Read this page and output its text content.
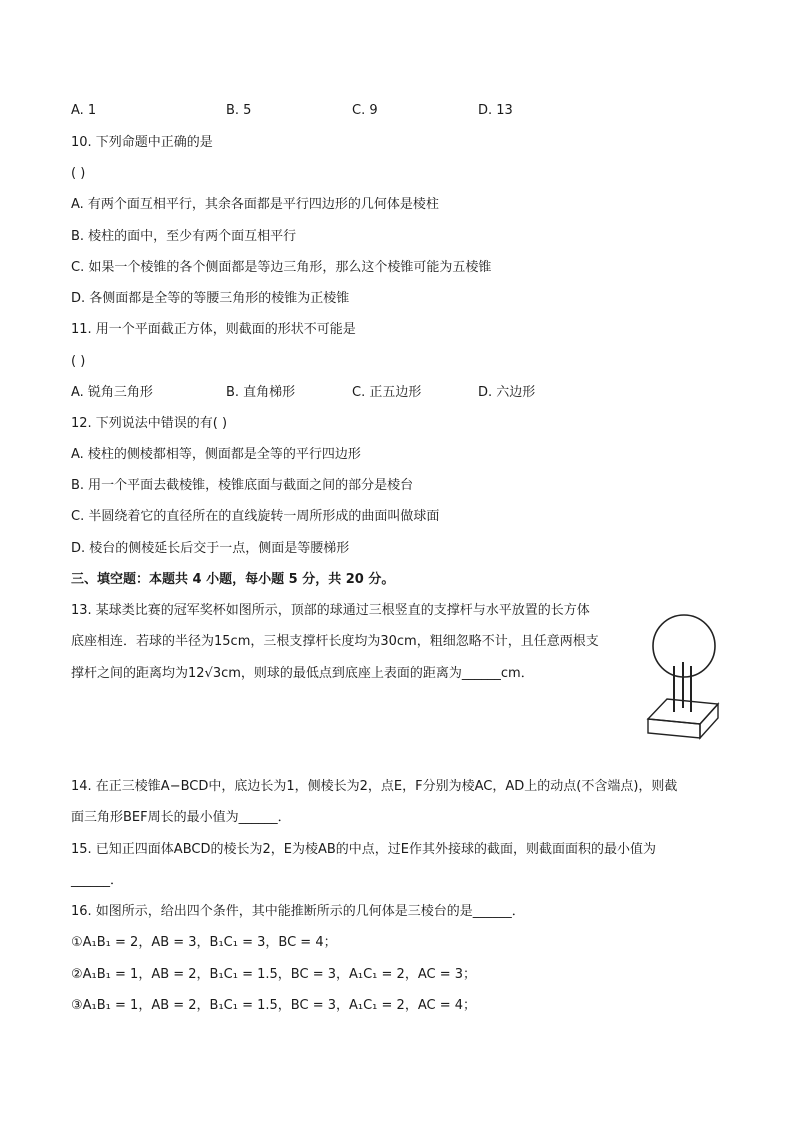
A. 1	B. 5	C. 9	D. 13
10. 下列命题中正确的是
( )
A. 有两个面互相平行，其余各面都是平行四边形的几何体是棱柱
B. 棱柱的面中，至少有两个面互相平行
C. 如果一个棱锥的各个侧面都是等边三角形，那么这个棱锥可能为五棱锥
D. 各侧面都是全等的等腰三角形的棱锥为正棱锥
11. 用一个平面截正方体，则截面的形状不可能是
( )
A. 锐角三角形	B. 直角梯形	C. 正五边形	D. 六边形
12. 下列说法中错误的有( )
A. 棱柱的侧棱都相等，侧面都是全等的平行四边形
B. 用一个平面去截棱锥，棱锥底面与截面之间的部分是棱台
C. 半圆绕着它的直径所在的直线旋转一周所形成的曲面叫做球面
D. 棱台的侧棱延长后交于一点，侧面是等腰梯形
三、填空题：本题共 4 小题，每小题 5 分，共 20 分。
13. 某球类比赛的冠军奖杯如图所示，顶部的球通过三根竖直的支撑杆与水平放置的长方体
底座相连．若球的半径为15cm，三根支撑杆长度均为30cm，粗细忽略不计，且任意两根支
撑杆之间的距离均为12√3cm，则球的最低点到底座上表面的距离为______cm．
14. 在正三棱锥A−BCD中，底边长为1，侧棱长为2，点E，F分别为棱AC，AD上的动点(不含端点)，则截
面三角形BEF周长的最小值为______．
15. 已知正四面体ABCD的棱长为2，E为棱AB的中点，过E作其外接球的截面，则截面面积的最小值为
______．
16. 如图所示，给出四个条件，其中能推断所示的几何体是三棱台的是______．
①A₁B₁ = 2，AB = 3，B₁C₁ = 3，BC = 4；
②A₁B₁ = 1，AB = 2，B₁C₁ = 1.5，BC = 3，A₁C₁ = 2，AC = 3；
③A₁B₁ = 1，AB = 2，B₁C₁ = 1.5，BC = 3，A₁C₁ = 2，AC = 4；
